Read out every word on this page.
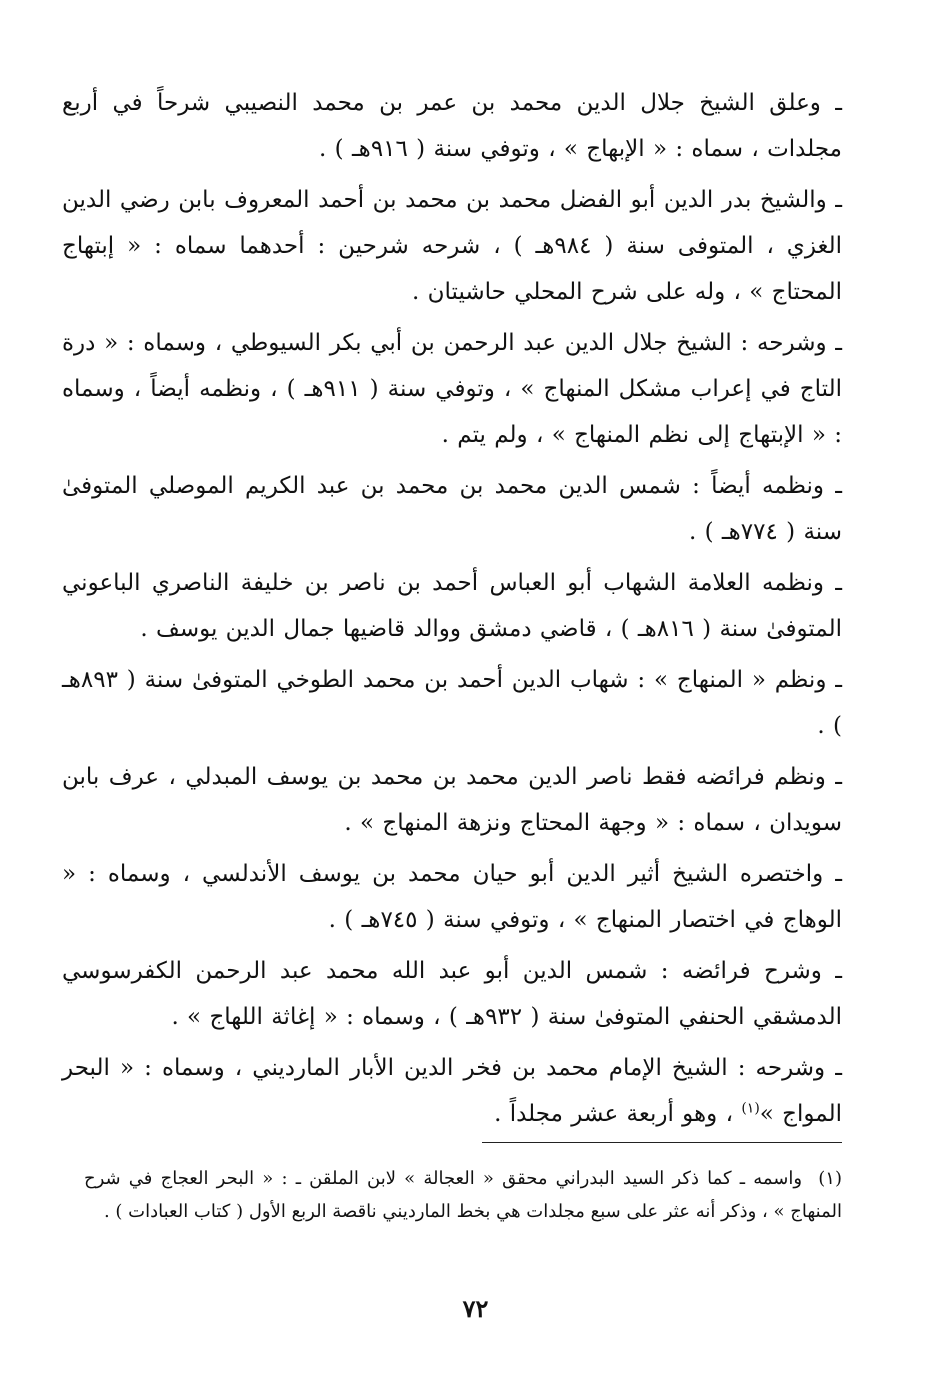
ـ وعلق الشيخ جلال الدين محمد بن عمر بن محمد النصيبي شرحاً في أربع مجلدات ، سماه : « الإبهاج » ، وتوفي سنة ( ٩١٦هـ ) .

ـ والشيخ بدر الدين أبو الفضل محمد بن محمد بن أحمد المعروف بابن رضي الدين الغزي ، المتوفى سنة ( ٩٨٤هـ ) ، شرحه شرحين : أحدهما سماه : « إبتهاج المحتاج » ، وله على شرح المحلي حاشيتان .

ـ وشرحه : الشيخ جلال الدين عبد الرحمن بن أبي بكر السيوطي ، وسماه : « درة التاج في إعراب مشكل المنهاج » ، وتوفي سنة ( ٩١١هـ ) ، ونظمه أيضاً ، وسماه : « الإبتهاج إلى نظم المنهاج » ، ولم يتم .

ـ ونظمه أيضاً : شمس الدين محمد بن محمد بن عبد الكريم الموصلي المتوفىٰ سنة ( ٧٧٤هـ ) .

ـ ونظمه العلامة الشهاب أبو العباس أحمد بن ناصر بن خليفة الناصري الباعوني المتوفىٰ سنة ( ٨١٦هـ ) ، قاضي دمشق ووالد قاضيها جمال الدين يوسف .

ـ ونظم « المنهاج » : شهاب الدين أحمد بن محمد الطوخي المتوفىٰ سنة ( ٨٩٣هـ ) .

ـ ونظم فرائضه فقط ناصر الدين محمد بن محمد بن يوسف المبدلي ، عرف بابن سويدان ، سماه : « وجهة المحتاج ونزهة المنهاج » .

ـ واختصره الشيخ أثير الدين أبو حيان محمد بن يوسف الأندلسي ، وسماه : « الوهاج في اختصار المنهاج » ، وتوفي سنة ( ٧٤٥هـ ) .

ـ وشرح فرائضه : شمس الدين أبو عبد الله محمد عبد الرحمن الكفرسوسي الدمشقي الحنفي المتوفىٰ سنة ( ٩٣٢هـ ) ، وسماه : « إغاثة اللهاج » .

ـ وشرحه : الشيخ الإمام محمد بن فخر الدين الأبار المارديني ، وسماه : « البحر المواج »$^{(١)}$ ، وهو أربعة عشر مجلداً .

(١) واسمه ـ كما ذكر السيد البدراني محقق « العجالة » لابن الملقن ـ : « البحر العجاج في شرح المنهاج » ، وذكر أنه عثر على سبع مجلدات هي بخط المارديني ناقصة الربع الأول ( كتاب العبادات ) .
٧٢
